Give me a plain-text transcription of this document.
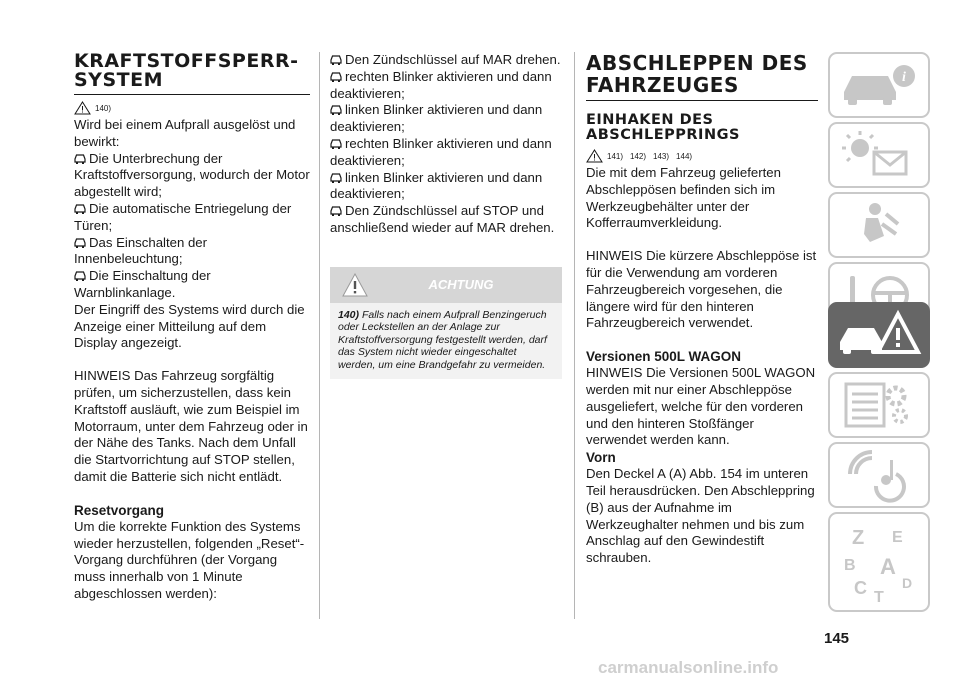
KRAFTSTOFFSPERR-SYSTEM
140)

Wird bei einem Aufprall ausgelöst und bewirkt:

Die Unterbrechung der Kraftstoffversorgung, wodurch der Motor abgestellt wird;
Die automatische Entriegelung der Türen;
Das Einschalten der Innenbeleuchtung;
Die Einschaltung der Warnblinkanlage.

Der Eingriff des Systems wird durch die Anzeige einer Mitteilung auf dem Display angezeigt.

HINWEIS Das Fahrzeug sorgfältig prüfen, um sicherzustellen, dass kein Kraftstoff ausläuft, wie zum Beispiel im Motorraum, unter dem Fahrzeug oder in der Nähe des Tanks. Nach dem Unfall die Startvorrichtung auf STOP stellen, damit die Batterie sich nicht entlädt.

Resetvorgang

Um die korrekte Funktion des Systems wieder herzustellen, folgenden „Reset“-Vorgang durchführen (der Vorgang muss innerhalb von 1 Minute abgeschlossen werden):

Den Zündschlüssel auf MAR drehen.
rechten Blinker aktivieren und dann deaktivieren;
linken Blinker aktivieren und dann deaktivieren;
rechten Blinker aktivieren und dann deaktivieren;
linken Blinker aktivieren und dann deaktivieren;
Den Zündschlüssel auf STOP und anschließend wieder auf MAR drehen.
ACHTUNG
140) Falls nach einem Aufprall Benzingeruch oder Leckstellen an der Anlage zur Kraftstoffversorgung festgestellt werden, darf das System nicht wieder eingeschaltet werden, um eine Brandgefahr zu vermeiden.
ABSCHLEPPEN DES FAHRZEUGES
EINHAKEN DES ABSCHLEPPRINGS
141) 142) 143) 144)

Die mit dem Fahrzeug gelieferten Abschleppösen befinden sich im Werkzeugbehälter unter der Kofferraumverkleidung.

HINWEIS Die kürzere Abschleppöse ist für die Verwendung am vorderen Fahrzeugbereich vorgesehen, die längere wird für den hinteren Fahrzeugbereich verwendet.

Versionen 500L WAGON

HINWEIS Die Versionen 500L WAGON werden mit nur einer Abschleppöse ausgeliefert, welche für den vorderen und den hinteren Stoßfänger verwendet werden kann.

Vorn

Den Deckel A (A) Abb. 154 im unteren Teil herausdrücken. Den Abschleppring (B) aus der Aufnahme im Werkzeughalter nehmen und bis zum Anschlag auf den Gewindestift schrauben.

145
i
Z E
B A
C	D
T
carmanualsonline.info
